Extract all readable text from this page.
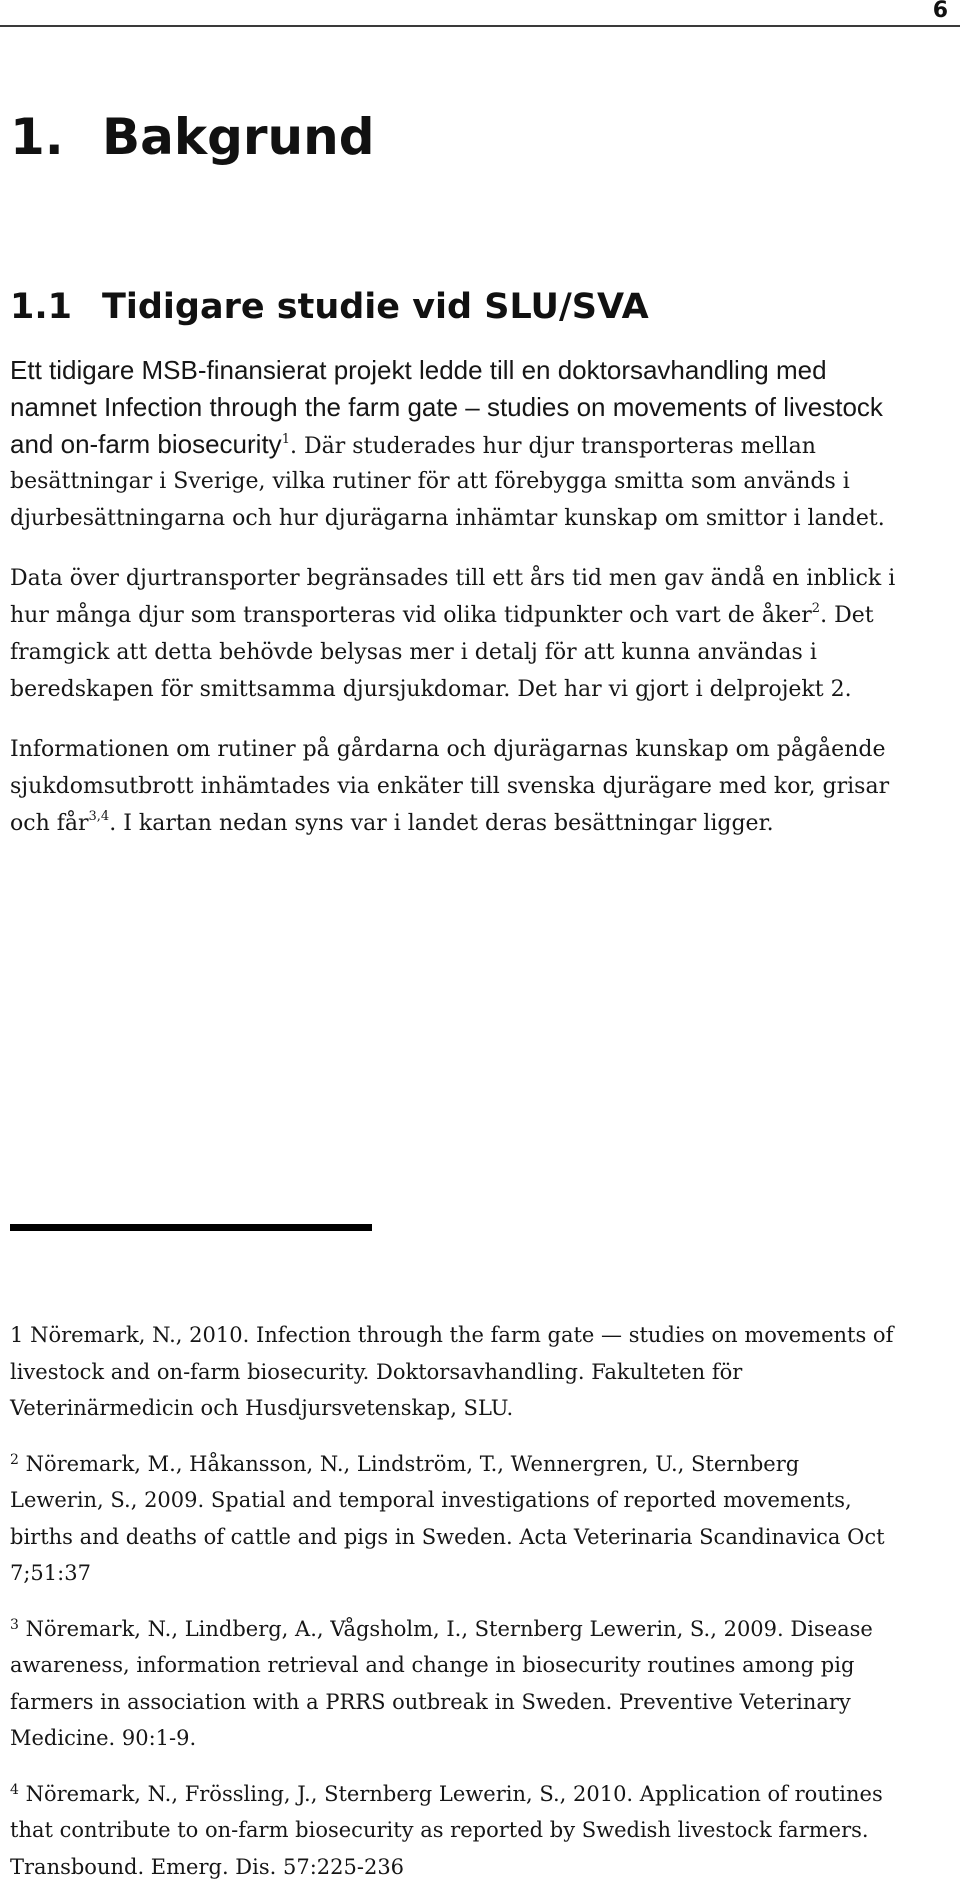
6
1. Bakgrund
1.1 Tidigare studie vid SLU/SVA
Ett tidigare MSB-finansierat projekt ledde till en doktorsavhandling med
namnet Infection through the farm gate – studies on movements of livestock
and on-farm biosecurity$^1$. Där studerades hur djur transporteras mellan
besättningar i Sverige, vilka rutiner för att förebygga smitta som används i
djurbesättningarna och hur djurägarna inhämtar kunskap om smittor i landet.
Data över djurtransporter begränsades till ett års tid men gav ändå en inblick i
hur många djur som transporteras vid olika tidpunkter och vart de åker$^2$. Det
framgick att detta behövde belysas mer i detalj för att kunna användas i
beredskapen för smittsamma djursjukdomar. Det har vi gjort i delprojekt 2.
Informationen om rutiner på gårdarna och djurägarnas kunskap om pågående
sjukdomsutbrott inhämtades via enkäter till svenska djurägare med kor, grisar
och får$^{3,4}$. I kartan nedan syns var i landet deras besättningar ligger.
1 Nöremark, N., 2010. Infection through the farm gate — studies on movements of
livestock and on-farm biosecurity. Doktorsavhandling. Fakulteten för
Veterinärmedicin och Husdjursvetenskap, SLU.
$^2$ Nöremark, M., Håkansson, N., Lindström, T., Wennergren, U., Sternberg
Lewerin, S., 2009. Spatial and temporal investigations of reported movements,
births and deaths of cattle and pigs in Sweden. Acta Veterinaria Scandinavica Oct
7;51:37
$^3$ Nöremark, N., Lindberg, A., Vågsholm, I., Sternberg Lewerin, S., 2009. Disease
awareness, information retrieval and change in biosecurity routines among pig
farmers in association with a PRRS outbreak in Sweden. Preventive Veterinary
Medicine. 90:1-9.
$^4$ Nöremark, N., Frössling, J., Sternberg Lewerin, S., 2010. Application of routines
that contribute to on-farm biosecurity as reported by Swedish livestock farmers.
Transbound. Emerg. Dis. 57:225-236
